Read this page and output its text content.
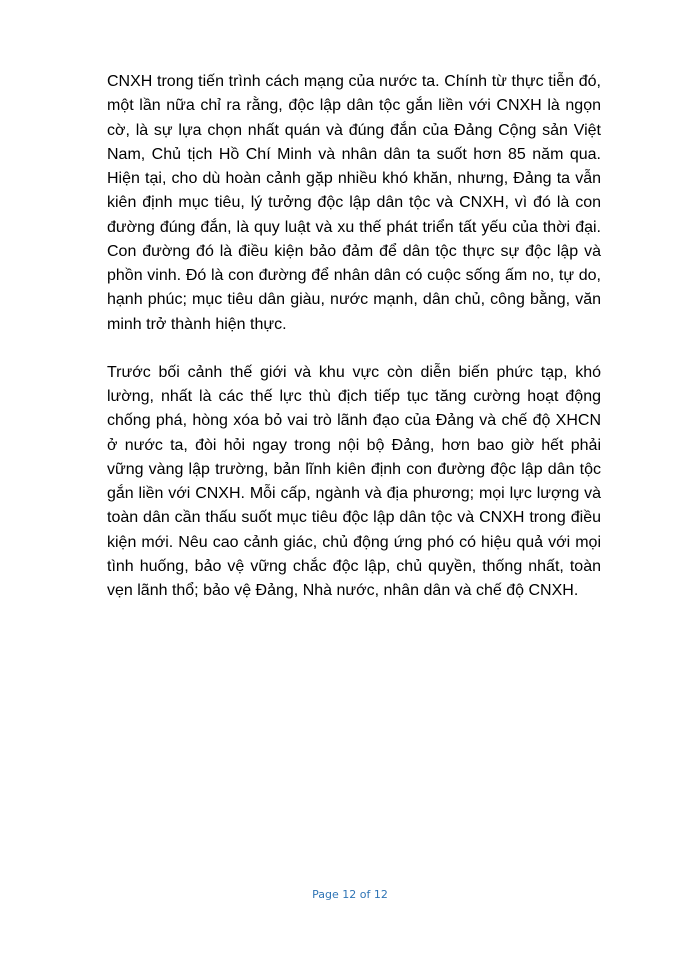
CNXH trong tiến trình cách mạng của nước ta. Chính từ thực tiễn đó, một lần nữa chỉ ra rằng, độc lập dân tộc gắn liền với CNXH là ngọn cờ, là sự lựa chọn nhất quán và đúng đắn của Đảng Cộng sản Việt Nam, Chủ tịch Hồ Chí Minh và nhân dân ta suốt hơn 85 năm qua. Hiện tại, cho dù hoàn cảnh gặp nhiều khó khăn, nhưng, Đảng ta vẫn kiên định mục tiêu, lý tưởng độc lập dân tộc và CNXH, vì đó là con đường đúng đắn, là quy luật và xu thế phát triển tất yếu của thời đại. Con đường đó là điều kiện bảo đảm để dân tộc thực sự độc lập và phồn vinh. Đó là con đường để nhân dân có cuộc sống ấm no, tự do, hạnh phúc; mục tiêu dân giàu, nước mạnh, dân chủ, công bằng, văn minh trở thành hiện thực.

Trước bối cảnh thế giới và khu vực còn diễn biến phức tạp, khó lường, nhất là các thế lực thù địch tiếp tục tăng cường hoạt động chống phá, hòng xóa bỏ vai trò lãnh đạo của Đảng và chế độ XHCN ở nước ta, đòi hỏi ngay trong nội bộ Đảng, hơn bao giờ hết phải vững vàng lập trường, bản lĩnh kiên định con đường độc lập dân tộc gắn liền với CNXH. Mỗi cấp, ngành và địa phương; mọi lực lượng và toàn dân cần thấu suốt mục tiêu độc lập dân tộc và CNXH trong điều kiện mới. Nêu cao cảnh giác, chủ động ứng phó có hiệu quả với mọi tình huống, bảo vệ vững chắc độc lập, chủ quyền, thống nhất, toàn vẹn lãnh thổ; bảo vệ Đảng, Nhà nước, nhân dân và chế độ CNXH.

Page 12 of 12
